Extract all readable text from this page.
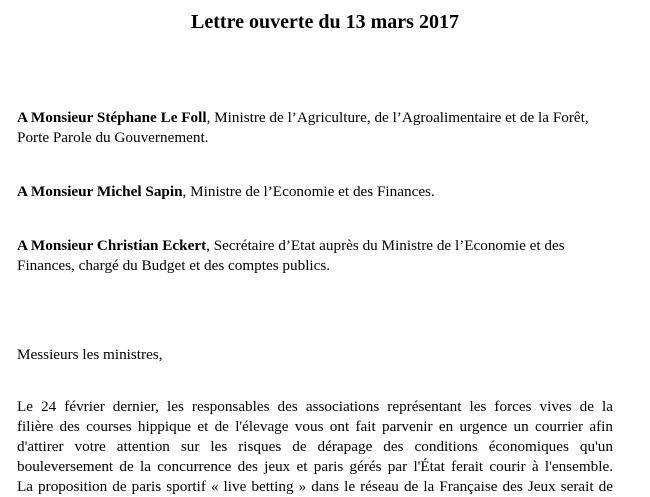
Lettre ouverte du 13 mars 2017

A Monsieur Stéphane Le Foll, Ministre de l’Agriculture, de l’Agroalimentaire et de la Forêt, Porte Parole du Gouvernement.

A Monsieur Michel Sapin, Ministre de l’Economie et des Finances.

A Monsieur Christian Eckert, Secrétaire d’Etat auprès du Ministre de l’Economie et des Finances, chargé du Budget et des comptes publics.

Messieurs les ministres,

Le 24 février dernier, les responsables des associations représentant les forces vives de la
filière des courses hippique et de l'élevage vous ont fait parvenir en urgence un courrier afin
d'attirer votre attention sur les risques de dérapage des conditions économiques qu'un
bouleversement de la concurrence des jeux et paris gérés par l'État ferait courir à l'ensemble.
La proposition de paris sportif « live betting » dans le réseau de la Française des Jeux serait de
